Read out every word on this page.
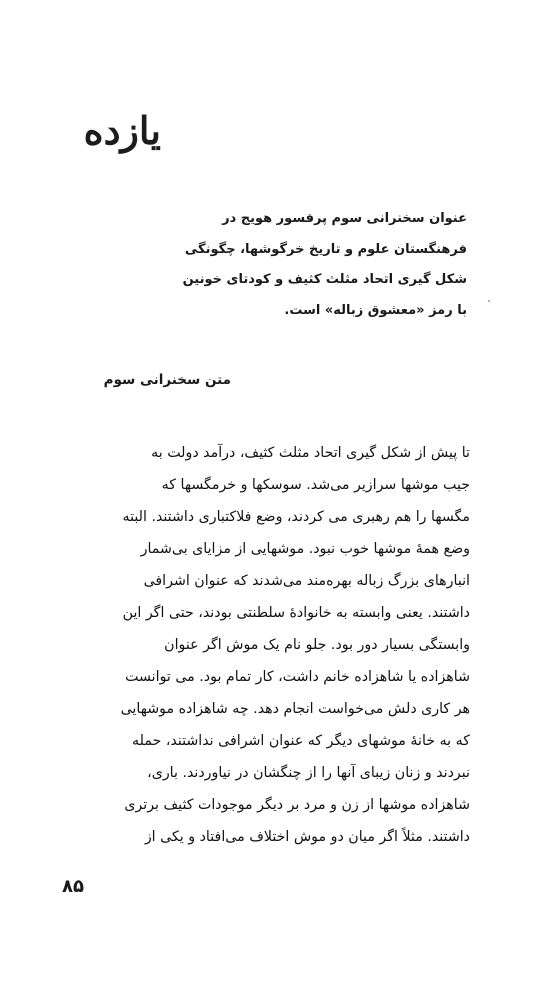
یازده
عنوان سخنرانی سوم پرفسور هویج در
فرهنگستان علوم و تاریخ خرگوشها، چگونگی
شکل گیری اتحاد مثلث کثیف و کودتای خونین
با رمز «معشوق زباله» است.
متن سخنرانی سوم
تا پیش از شکل گیری اتحاد مثلث کثیف، درآمد دولت به
جیب موشها سرازیر می‌شد. سوسکها و خرمگسها که
مگسها را هم رهبری می کردند، وضع فلاکتباری داشتند. البته
وضع همهٔ موشها خوب نبود. موشهایی از مزایای بی‌شمار
انبارهای بزرگ زباله بهره‌مند می‌شدند که عنوان اشرافی
داشتند. یعنی وابسته به خانوادهٔ سلطنتی بودند، حتی اگر این
وابستگی بسیار دور بود. جلو نام یک موش اگر عنوان
شاهزاده یا شاهزاده خانم داشت، کار تمام بود. می توانست
هر کاری دلش می‌خواست انجام دهد. چه شاهزاده موشهایی
که به خانهٔ موشهای دیگر که عنوان اشرافی نداشتند، حمله
نبردند و زنان زیبای آنها را از چنگشان در نیاوردند. باری،
شاهزاده موشها از زن و مرد بر دیگر موجودات کثیف برتری
داشتند. مثلاً اگر میان دو موش اختلاف می‌افتاد و یکی از
۸۵
